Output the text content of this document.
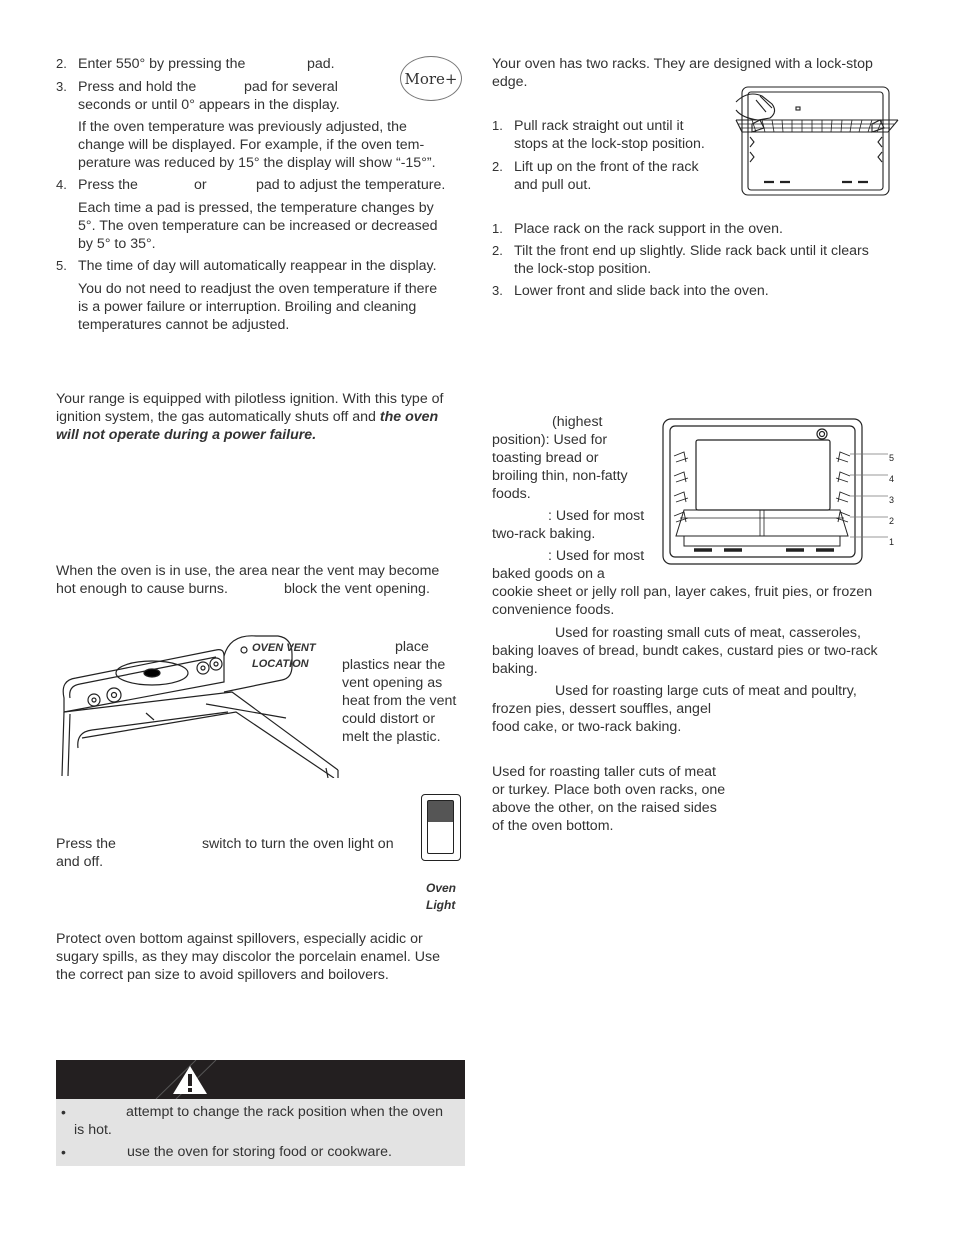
2. Enter 550° by pressing the	pad.
3. Press and hold the	pad for several
seconds or until 0° appears in the display.

If the oven temperature was previously adjusted, the

change will be displayed. For example, if the oven tem-

perature was reduced by 15° the display will show “-15°”.

4. Press the	or	pad to adjust the temperature.

Each time a pad is pressed, the temperature changes by

5°. The oven temperature can be increased or decreased

by 5° to 35°.

5. The time of day will automatically reappear in the display.

You do not need to readjust the oven temperature if there

is a power failure or interruption. Broiling and cleaning

temperatures cannot be adjusted.

More+

Your range is equipped with pilotless ignition. With this type of

ignition system, the gas automatically shuts off and the oven

will not operate during a power failure.

When the oven is in use, the area near the vent may become

hot enough to cause burns.	block the vent opening.

OVEN VENT

LOCATION

place

plastics near the

vent opening as

heat from the vent

could distort or

melt the plastic.

Press the	switch to turn the oven light on

and off.

Oven

Light

Protect oven bottom against spillovers, especially acidic or

sugary spills, as they may discolor the porcelain enamel. Use

the correct pan size to avoid spillovers and boilovers.

•	attempt to change the rack position when the oven

is hot.

•	use the oven for storing food or cookware.

Your oven has two racks. They are designed with a lock-stop

edge.

1. Pull rack straight out until it

stops at the lock-stop position.

2. Lift up on the front of the rack

and pull out.

1. Place rack on the rack support in the oven.

2. Tilt the front end up slightly. Slide rack back until it clears

the lock-stop position.

3. Lower front and slide back into the oven.

(highest

position): Used for

toasting bread or

broiling thin, non-fatty

foods.

: Used for most

two-rack baking.

: Used for most

baked goods on a

cookie sheet or jelly roll pan, layer cakes, fruit pies, or frozen

convenience foods.

Used for roasting small cuts of meat, casseroles,

baking loaves of bread, bundt cakes, custard pies or two-rack

baking.

Used for roasting large cuts of meat and poultry,

frozen pies, dessert souffles, angel

food cake, or two-rack baking.

Used for roasting taller cuts of meat

or turkey. Place both oven racks, one

above the other, on the raised sides

of the oven bottom.

5

4

3

2

1
